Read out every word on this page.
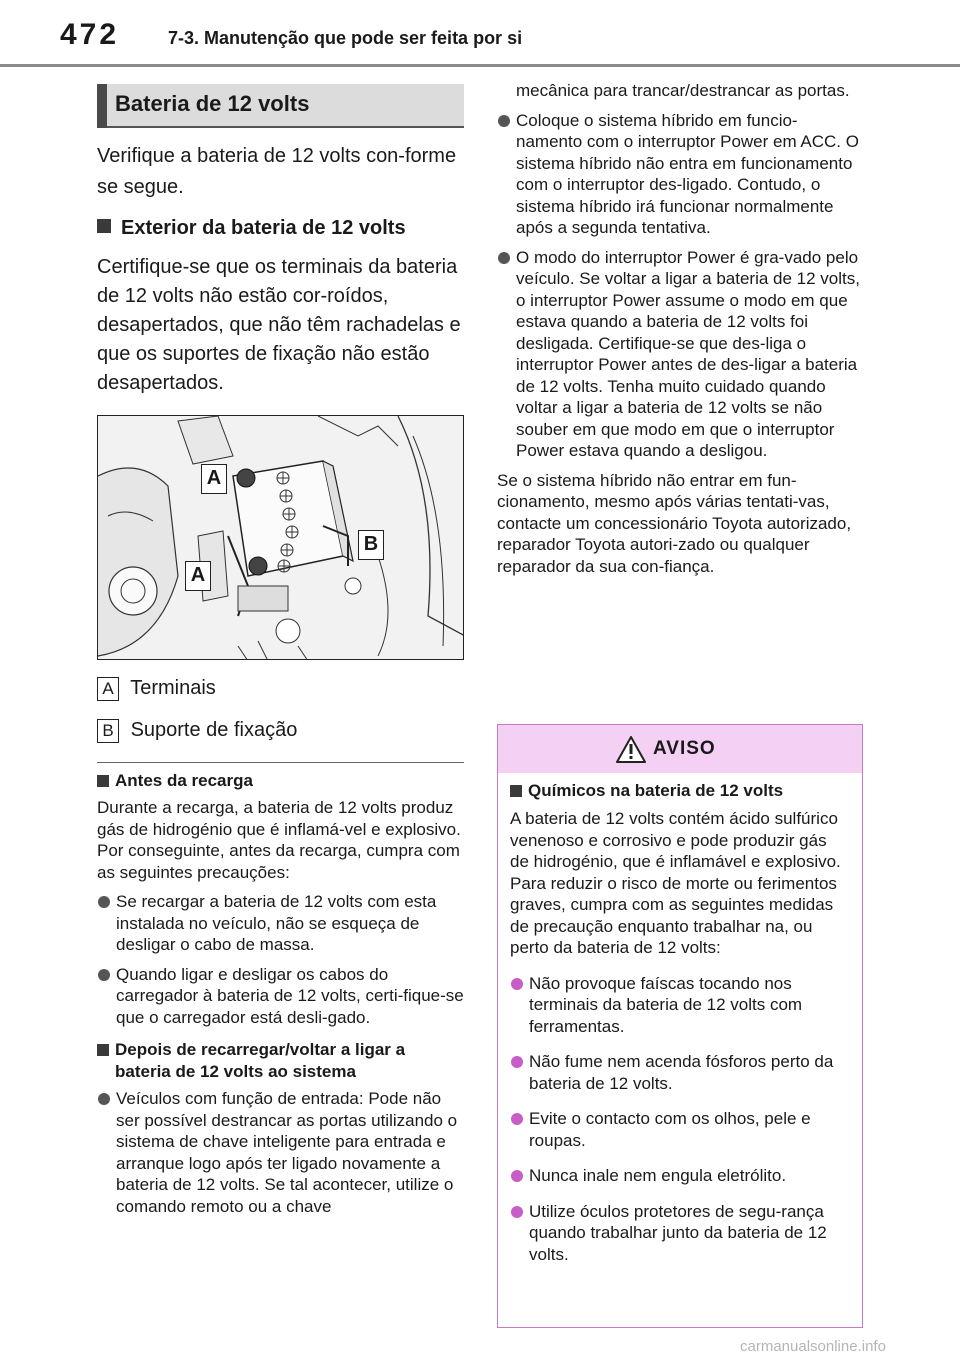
472	7-3. Manutenção que pode ser feita por si
Bateria de 12 volts

Verifique a bateria de 12 volts con-forme se segue.

Exterior da bateria de 12 volts

Certifique-se que os terminais da bateria de 12 volts não estão cor-roídos, desapertados, que não têm rachadelas e que os suportes de fixação não estão desapertados.

A
B
A
A Terminais
B Suporte de fixação
Antes da recarga

Durante a recarga, a bateria de 12 volts produz gás de hidrogénio que é inflamá-vel e explosivo. Por conseguinte, antes da recarga, cumpra com as seguintes precauções:

Se recargar a bateria de 12 volts com esta instalada no veículo, não se esqueça de desligar o cabo de massa.
Quando ligar e desligar os cabos do carregador à bateria de 12 volts, certi-fique-se que o carregador está desli-gado.
Depois de recarregar/voltar a ligar a bateria de 12 volts ao sistema
Veículos com função de entrada: Pode não ser possível destrancar as portas utilizando o sistema de chave inteligente para entrada e arranque logo após ter ligado novamente a bateria de 12 volts. Se tal acontecer, utilize o comando remoto ou a chave

mecânica para trancar/destrancar as portas.

Coloque o sistema híbrido em funcio-namento com o interruptor Power em ACC. O sistema híbrido não entra em funcionamento com o interruptor des-ligado. Contudo, o sistema híbrido irá funcionar normalmente após a segunda tentativa.
O modo do interruptor Power é gra-vado pelo veículo. Se voltar a ligar a bateria de 12 volts, o interruptor Power assume o modo em que estava quando a bateria de 12 volts foi desligada. Certifique-se que des-liga o interruptor Power antes de des-ligar a bateria de 12 volts. Tenha muito cuidado quando voltar a ligar a bateria de 12 volts se não souber em que modo em que o interruptor Power estava quando a desligou.

Se o sistema híbrido não entrar em fun-cionamento, mesmo após várias tentati-vas, contacte um concessionário Toyota autorizado, reparador Toyota autori-zado ou qualquer reparador da sua con-fiança.

AVISO
Químicos na bateria de 12 volts

A bateria de 12 volts contém ácido sulfúrico venenoso e corrosivo e pode produzir gás de hidrogénio, que é inflamável e explosivo. Para reduzir o risco de morte ou ferimentos graves, cumpra com as seguintes medidas de precaução enquanto trabalhar na, ou perto da bateria de 12 volts:

Não provoque faíscas tocando nos terminais da bateria de 12 volts com ferramentas.
Não fume nem acenda fósforos perto da bateria de 12 volts.
Evite o contacto com os olhos, pele e roupas.
Nunca inale nem engula eletrólito.
Utilize óculos protetores de segu-rança quando trabalhar junto da bateria de 12 volts.
carmanualsonline.info
